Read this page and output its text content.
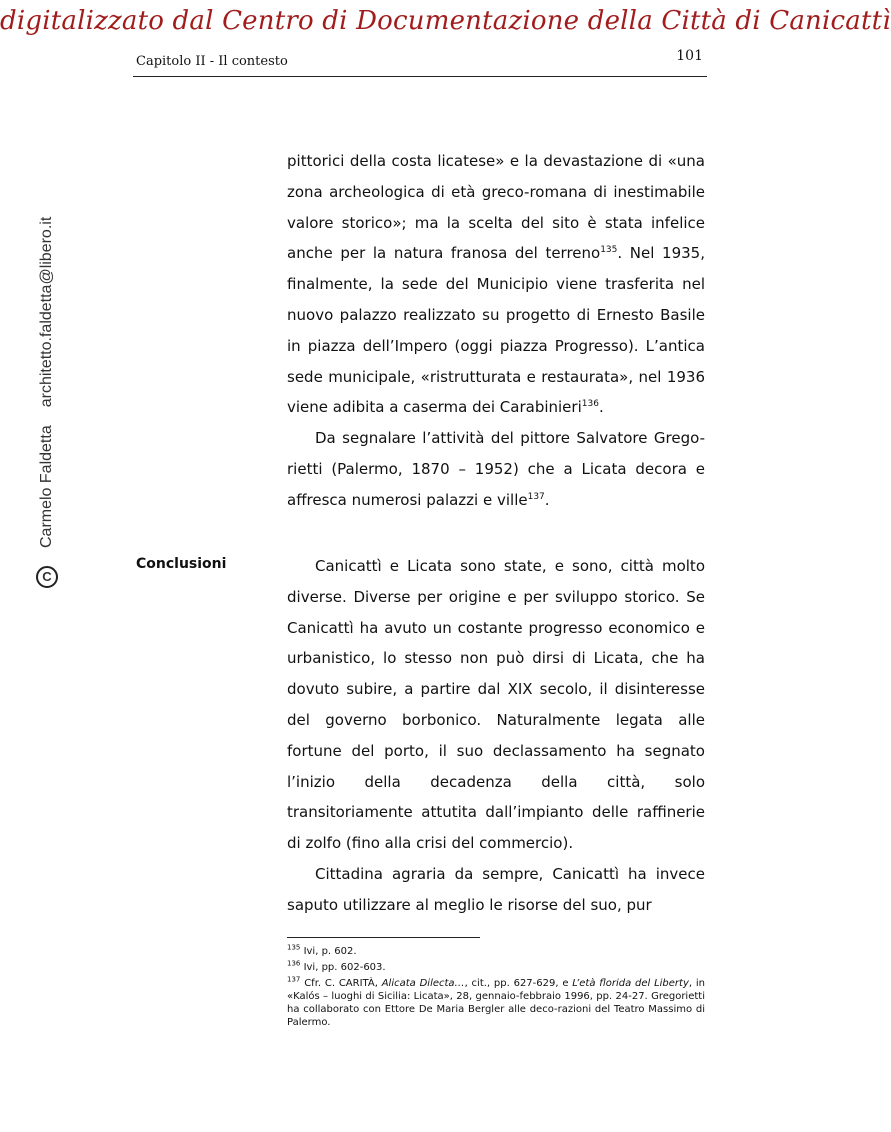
digitalizzato dal Centro di Documentazione della Città di Canicattì
Capitolo II - Il contesto	101
C
Carmelo Faldetta
architetto.faldetta@libero.it

pittorici della costa licatese» e la devastazione di «una zona archeologica di età greco-romana di inestimabile valore storico»; ma la scelta del sito è stata infelice anche per la natura franosa del terreno$^{135}$. Nel 1935, finalmente, la sede del Municipio viene trasferita nel nuovo palazzo realizzato su progetto di Ernesto Basile in piazza dell’Impero (oggi piazza Progresso). L’antica sede municipale, «ristrutturata e restaurata», nel 1936 viene adibita a caserma dei Carabinieri$^{136}$.

Da segnalare l’attività del pittore Salvatore Grego-rietti (Palermo, 1870 – 1952) che a Licata decora e affresca numerosi palazzi e ville$^{137}$.

Conclusioni	Canicattì e Licata sono state, e sono, città molto diverse. Diverse per origine e per sviluppo storico. Se Canicattì ha avuto un costante progresso economico e urbanistico, lo stesso non può dirsi di Licata, che ha dovuto subire, a partire dal XIX secolo, il disinteresse del governo borbonico. Naturalmente legata alle fortune del porto, il suo declassamento ha segnato l’inizio della decadenza della città, solo transitoriamente attutita dall’impianto delle raffinerie di zolfo (fino alla crisi del commercio).

Cittadina agraria da sempre, Canicattì ha invece saputo utilizzare al meglio le risorse del suo, pur

$^{135}$ Ivi, p. 602.

$^{136}$ Ivi, pp. 602-603.

$^{137}$ Cfr. C. CARITÀ, Alicata Dilecta…, cit., pp. 627-629, e L’età florida del Liberty, in «Kalós – luoghi di Sicilia: Licata», 28, gennaio-febbraio 1996, pp. 24-27. Gregorietti ha collaborato con Ettore De Maria Bergler alle deco-razioni del Teatro Massimo di Palermo.
